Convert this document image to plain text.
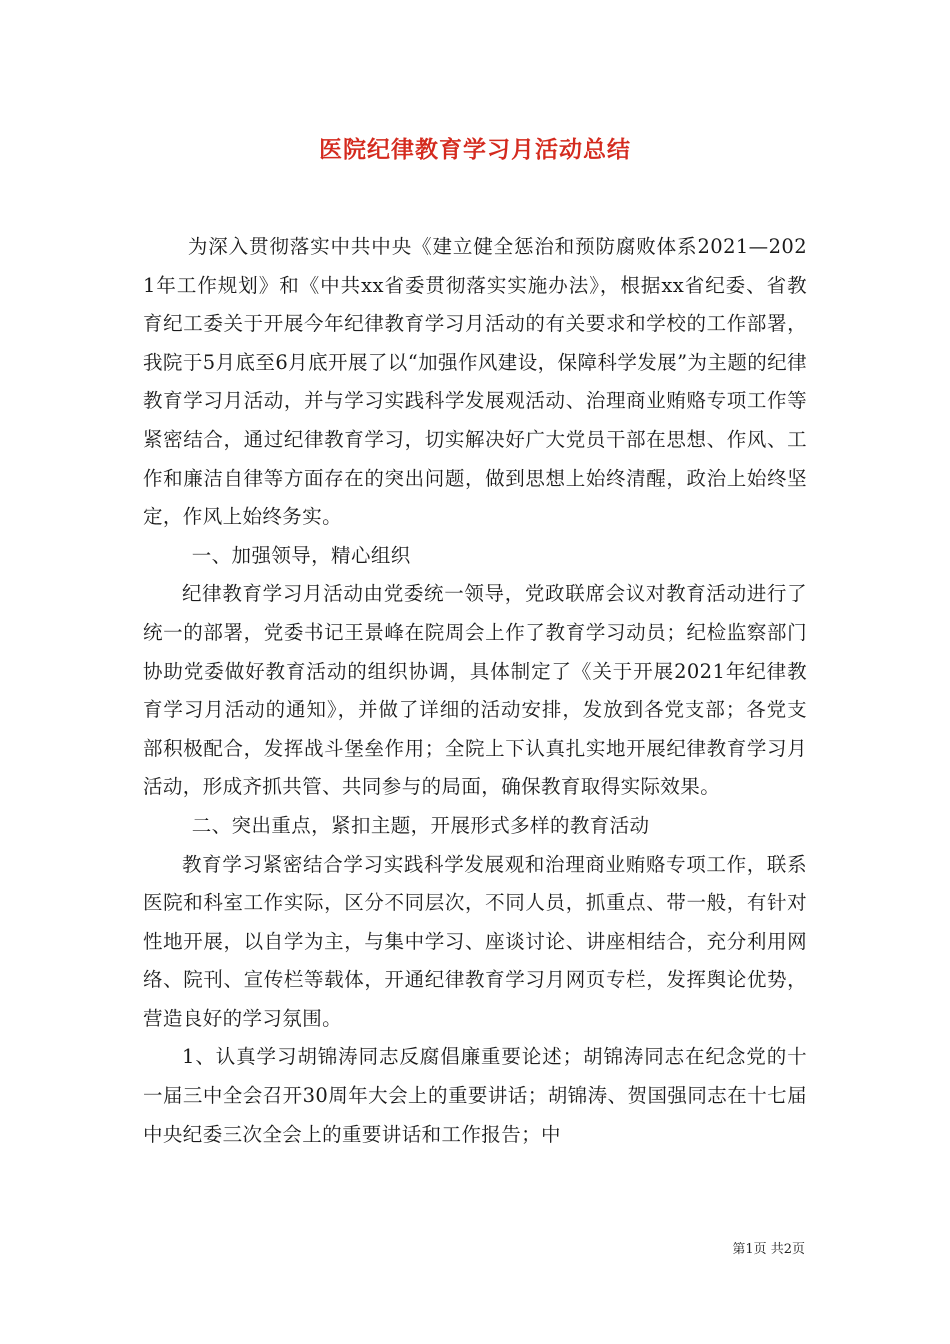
医院纪律教育学习月活动总结

为深入贯彻落实中共中央《建立健全惩治和预防腐败体系2021—2021年工作规划》和《中共xx省委贯彻落实实施办法》，根据xx省纪委、省教育纪工委关于开展今年纪律教育学习月活动的有关要求和学校的工作部署，我院于5月底至6月底开展了以“加强作风建设，保障科学发展”为主题的纪律教育学习月活动，并与学习实践科学发展观活动、治理商业贿赂专项工作等紧密结合，通过纪律教育学习，切实解决好广大党员干部在思想、作风、工作和廉洁自律等方面存在的突出问题，做到思想上始终清醒，政治上始终坚定，作风上始终务实。

一、加强领导，精心组织

纪律教育学习月活动由党委统一领导，党政联席会议对教育活动进行了统一的部署，党委书记王景峰在院周会上作了教育学习动员；纪检监察部门协助党委做好教育活动的组织协调，具体制定了《关于开展2021年纪律教育学习月活动的通知》，并做了详细的活动安排，发放到各党支部；各党支部积极配合，发挥战斗堡垒作用；全院上下认真扎实地开展纪律教育学习月活动，形成齐抓共管、共同参与的局面，确保教育取得实际效果。

二、突出重点，紧扣主题，开展形式多样的教育活动

教育学习紧密结合学习实践科学发展观和治理商业贿赂专项工作，联系医院和科室工作实际，区分不同层次，不同人员，抓重点、带一般，有针对性地开展，以自学为主，与集中学习、座谈讨论、讲座相结合，充分利用网络、院刊、宣传栏等载体，开通纪律教育学习月网页专栏，发挥舆论优势，营造良好的学习氛围。

1、认真学习胡锦涛同志反腐倡廉重要论述；胡锦涛同志在纪念党的十一届三中全会召开30周年大会上的重要讲话；胡锦涛、贺国强同志在十七届中央纪委三次全会上的重要讲话和工作报告；中

第1页 共2页
